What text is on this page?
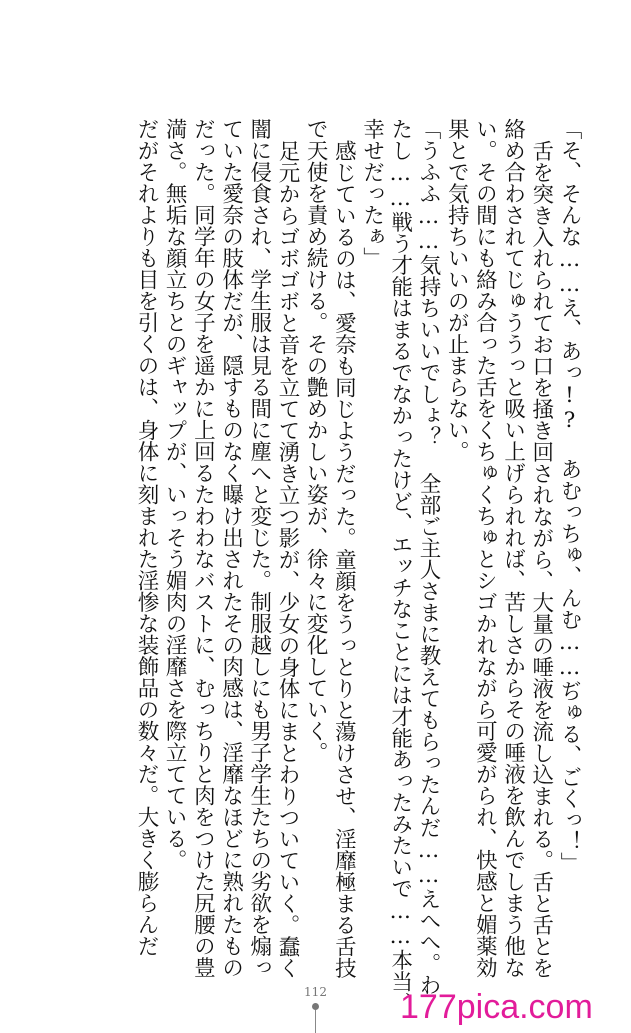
「そ、そんな……え、あっ!? あむっちゅ、んむ……ぢゅる、ごくっ！」
舌を突き入れられてお口を掻き回されながら、大量の唾液を流し込まれる。舌と舌とを
絡め合わされてじゅううっと吸い上げられれば、苦しさからその唾液を飲んでしまう他な
い。その間にも絡み合った舌をくちゅくちゅとシゴかれながら可愛がられ、快感と媚薬効
果とで気持ちいいのが止まらない。
「うふふ……気持ちいいでしょ？ 全部ご主人さまに教えてもらったんだ……えへへ。わ
たし……戦う才能はまるでなかったけど、エッチなことには才能あったみたいで……本当、
幸せだったぁ」
感じているのは、愛奈も同じようだった。童顔をうっとりと蕩けさせ、淫靡極まる舌技
で天使を責め続ける。その艶めかしい姿が、徐々に変化していく。
足元からゴボゴボと音を立てて湧き立つ影が、少女の身体にまとわりついていく。蠢く
闇に侵食され、学生服は見る間に塵へと変じた。制服越しにも男子学生たちの劣欲を煽っ
ていた愛奈の肢体だが、隠すものなく曝け出されたその肉感は、淫靡なほどに熟れたもの
だった。同学年の女子を遥かに上回るたわわなバストに、むっちりと肉をつけた尻腰の豊
満さ。無垢な顔立ちとのギャップが、いっそう媚肉の淫靡さを際立てている。
だがそれよりも目を引くのは、身体に刻まれた淫惨な装飾品の数々だ。大きく膨らんだ
112	177pica.com
